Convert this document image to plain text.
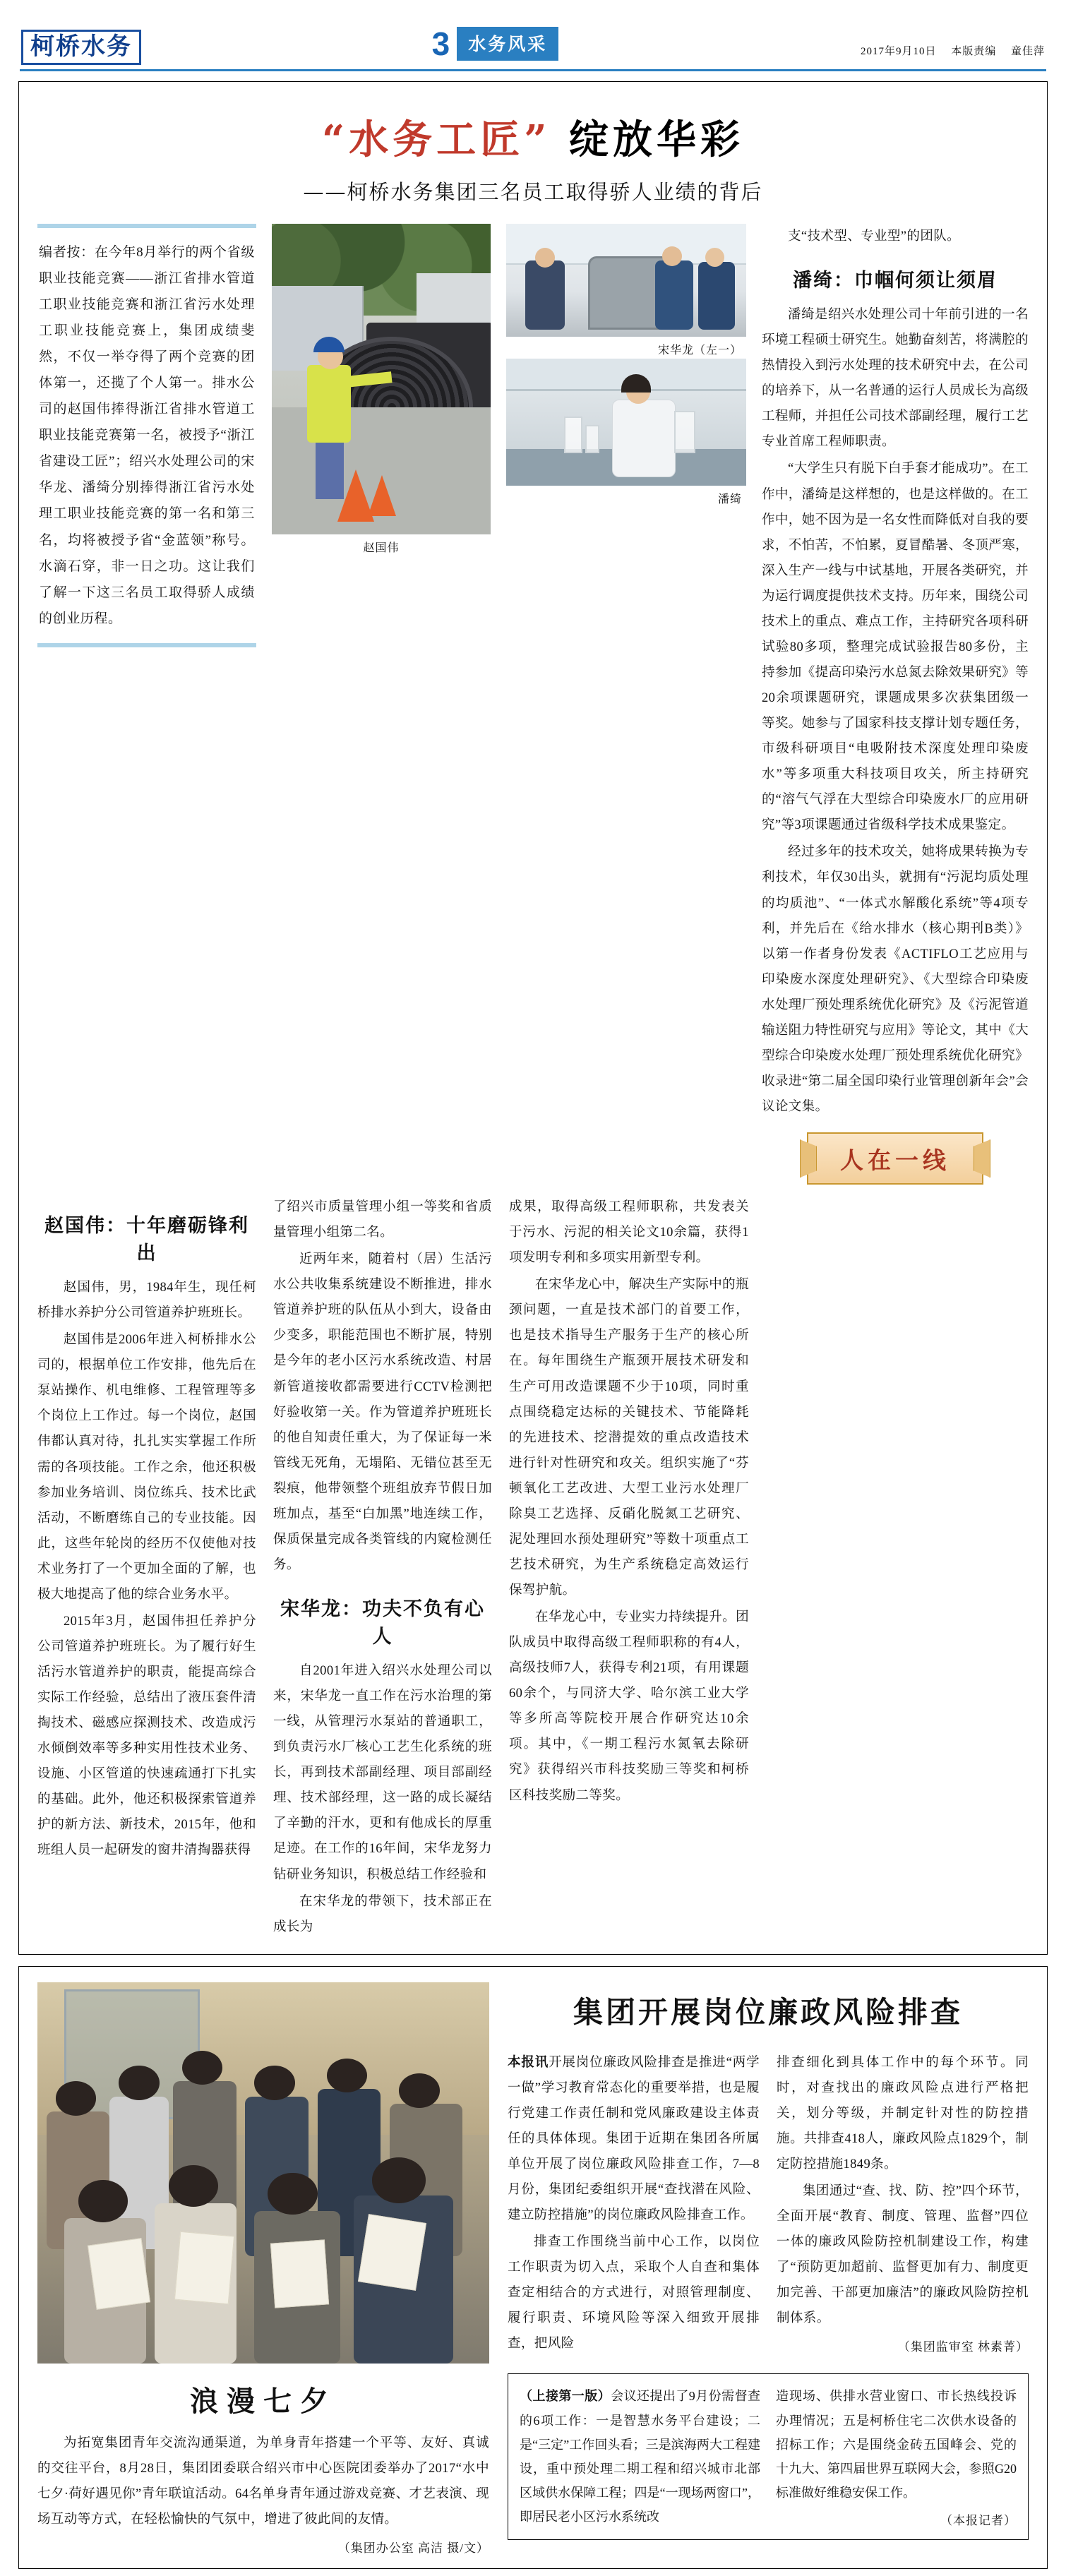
柯桥水务	3	水务风采	2017年9月10日 本版责编 童佳萍
“水务工匠” 绽放华彩
——柯桥水务集团三名员工取得骄人业绩的背后
编者按：在今年8月举行的两个省级职业技能竞赛——浙江省排水管道工职业技能竞赛和浙江省污水处理工职业技能竞赛上，集团成绩斐然，不仅一举夺得了两个竞赛的团体第一，还揽了个人第一。排水公司的赵国伟捧得浙江省排水管道工职业技能竞赛第一名，被授予“浙江省建设工匠”；绍兴水处理公司的宋华龙、潘绮分别捧得浙江省污水处理工职业技能竞赛的第一名和第三名，均将被授予省“金蓝领”称号。水滴石穿，非一日之功。这让我们了解一下这三名员工取得骄人成绩的创业历程。
赵国伟
宋华龙（左一）
潘绮

支“技术型、专业型”的团队。

潘绮：巾帼何须让须眉

潘绮是绍兴水处理公司十年前引进的一名环境工程硕士研究生。她勤奋刻苦，将满腔的热情投入到污水处理的技术研究中去，在公司的培养下，从一名普通的运行人员成长为高级工程师，并担任公司技术部副经理，履行工艺专业首席工程师职责。

“大学生只有脱下白手套才能成功”。在工作中，潘绮是这样想的，也是这样做的。在工作中，她不因为是一名女性而降低对自我的要求，不怕苦，不怕累，夏冒酷暑、冬顶严寒，深入生产一线与中试基地，开展各类研究，并为运行调度提供技术支持。历年来，围绕公司技术上的重点、难点工作，主持研究各项科研试验80多项，整理完成试验报告80多份，主持参加《提高印染污水总氮去除效果研究》等20余项课题研究，课题成果多次获集团级一等奖。她参与了国家科技支撑计划专题任务，市级科研项目“电吸附技术深度处理印染废水”等多项重大科技项目攻关，所主持研究的“溶气气浮在大型综合印染废水厂的应用研究”等3项课题通过省级科学技术成果鉴定。

经过多年的技术攻关，她将成果转换为专利技术，年仅30出头，就拥有“污泥均质处理的均质池”、“一体式水解酸化系统”等4项专利，并先后在《给水排水（核心期刊B类）》以第一作者身份发表《ACTIFLO工艺应用与印染废水深度处理研究》、《大型综合印染废水处理厂预处理系统优化研究》及《污泥管道输送阻力特性研究与应用》等论文，其中《大型综合印染废水处理厂预处理系统优化研究》收录进“第二届全国印染行业管理创新年会”会议论文集。

人在一线
赵国伟：十年磨砺锋利出

赵国伟，男，1984年生，现任柯桥排水养护分公司管道养护班班长。

赵国伟是2006年进入柯桥排水公司的，根据单位工作安排，他先后在泵站操作、机电维修、工程管理等多个岗位上工作过。每一个岗位，赵国伟都认真对待，扎扎实实掌握工作所需的各项技能。工作之余，他还积极参加业务培训、岗位练兵、技术比武活动，不断磨练自己的专业技能。因此，这些年轮岗的经历不仅使他对技术业务打了一个更加全面的了解，也极大地提高了他的综合业务水平。

2015年3月，赵国伟担任养护分公司管道养护班班长。为了履行好生活污水管道养护的职责，能提高综合实际工作经验，总结出了液压套件清掏技术、磁感应探测技术、改造成污水倾倒效率等多种实用性技术业务、设施、小区管道的快速疏通打下扎实的基础。此外，他还积极探索管道养护的新方法、新技术，2015年，他和班组人员一起研发的窗井清掏器获得

了绍兴市质量管理小组一等奖和省质量管理小组第二名。

近两年来，随着村（居）生活污水公共收集系统建设不断推进，排水管道养护班的队伍从小到大，设备由少变多，职能范围也不断扩展，特别是今年的老小区污水系统改造、村居新管道接收都需要进行CCTV检测把好验收第一关。作为管道养护班班长的他自知责任重大，为了保证每一米管线无死角，无塌陷、无错位甚至无裂痕，他带领整个班组放弃节假日加班加点，基至“白加黑”地连续工作，保质保量完成各类管线的内窥检测任务。

宋华龙：功夫不负有心人

自2001年进入绍兴水处理公司以来，宋华龙一直工作在污水治理的第一线，从管理污水泵站的普通职工，到负责污水厂核心工艺生化系统的班长，再到技术部副经理、项目部副经理、技术部经理，这一路的成长凝结了辛勤的汗水，更和有他成长的厚重足迹。在工作的16年间，宋华龙努力钻研业务知识，积极总结工作经验和

在宋华龙的带领下，技术部正在成长为

成果，取得高级工程师职称，共发表关于污水、污泥的相关论文10余篇，获得1项发明专利和多项实用新型专利。

在宋华龙心中，解决生产实际中的瓶颈问题，一直是技术部门的首要工作，也是技术指导生产服务于生产的核心所在。每年围绕生产瓶颈开展技术研发和生产可用改造课题不少于10项，同时重点围绕稳定达标的关键技术、节能降耗的先进技术、挖潜提效的重点改造技术进行针对性研究和攻关。组织实施了“芬顿氧化工艺改进、大型工业污水处理厂除臭工艺选择、反硝化脱氮工艺研究、泥处理回水预处理研究”等数十项重点工艺技术研究，为生产系统稳定高效运行保驾护航。

在华龙心中，专业实力持续提升。团队成员中取得高级工程师职称的有4人，高级技师7人，获得专利21项，有用课题60余个，与同济大学、哈尔滨工业大学等多所高等院校开展合作研究达10余项。其中，《一期工程污水氮氧去除研究》获得绍兴市科技奖励三等奖和柯桥区科技奖励二等奖。

浪漫七夕

为拓宽集团青年交流沟通渠道，为单身青年搭建一个平等、友好、真诚的交往平台，8月28日，集团团委联合绍兴市中心医院团委举办了2017“水中七夕·荷好遇见你”青年联谊活动。64名单身青年通过游戏竞赛、才艺表演、现场互动等方式，在轻松愉快的气氛中，增进了彼此间的友情。

（集团办公室 高洁 摄/文）
集团开展岗位廉政风险排查

本报讯开展岗位廉政风险排查是推进“两学一做”学习教育常态化的重要举措，也是履行党建工作责任制和党风廉政建设主体责任的具体体现。集团于近期在集团各所属单位开展了岗位廉政风险排查工作，7—8月份，集团纪委组织开展“查找潜在风险、建立防控措施”的岗位廉政风险排查工作。

排查工作围绕当前中心工作，以岗位工作职责为切入点，采取个人自查和集体查定相结合的方式进行，对照管理制度、履行职责、环境风险等深入细致开展排查，把风险

排查细化到具体工作中的每个环节。同时，对查找出的廉政风险点进行严格把关，划分等级，并制定针对性的防控措施。共排查418人，廉政风险点1829个，制定防控措施1849条。

集团通过“查、找、防、控”四个环节，全面开展“教育、制度、管理、监督”四位一体的廉政风险防控机制建设工作，构建了“预防更加超前、监督更加有力、制度更加完善、干部更加廉洁”的廉政风险防控机制体系。

（集团监审室 林素菁）

（上接第一版）会议还提出了9月份需督查的6项工作：一是智慧水务平台建设；二是“三定”工作回头看；三是滨海两大工程建设，重中预处理二期工程和绍兴城市北部区域供水保障工程；四是“一现场两窗口”，即居民老小区污水系统改

造现场、供排水营业窗口、市长热线投诉办理情况；五是柯桥住宅二次供水设备的招标工作；六是围绕金砖五国峰会、党的十九大、第四届世界互联网大会，参照G20标准做好维稳安保工作。

（本报记者）
